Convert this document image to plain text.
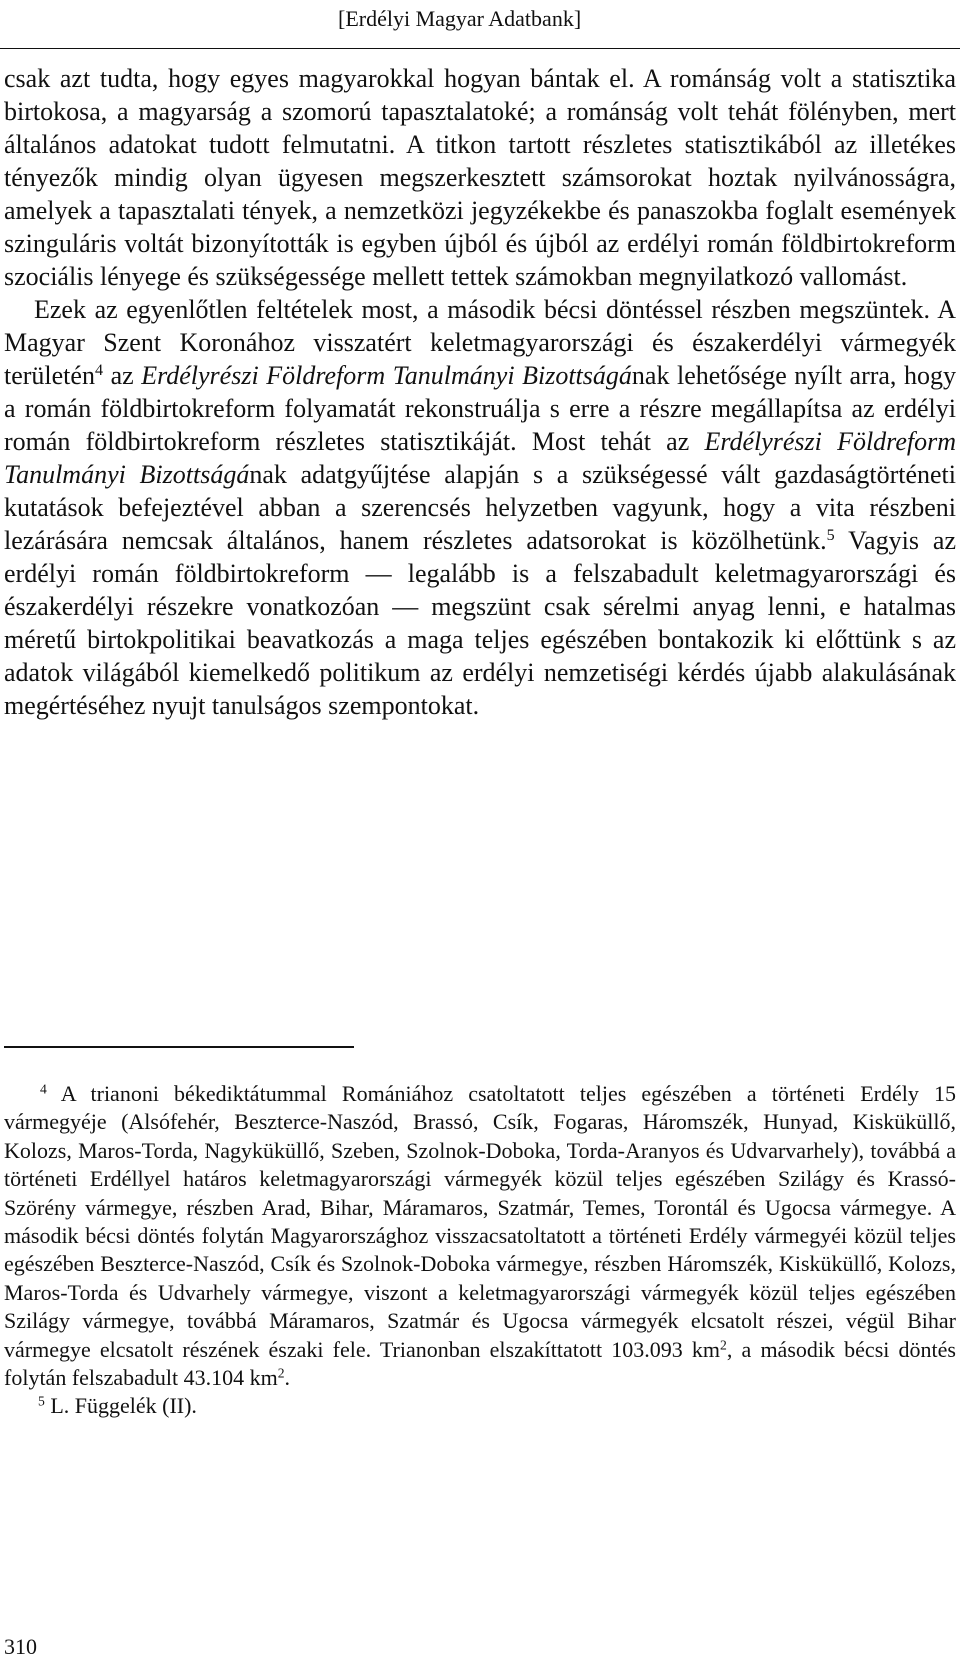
[Erdélyi Magyar Adatbank]

csak azt tudta, hogy egyes magyarokkal hogyan bántak el. A románság volt a statisztika birtokosa, a magyarság a szomorú tapasztalatoké; a románság volt tehát fölényben, mert általános adatokat tudott felmutatni. A titkon tartott részletes statisztikából az illetékes tényezők mindig olyan ügyesen megszerkesztett számsorokat hoztak nyilvánosságra, amelyek a tapasztalati tények, a nemzetközi jegyzékekbe és panaszokba foglalt események szinguláris voltát bizonyították is egyben újból és újból az erdélyi román földbirtokreform szociális lényege és szükségessége mellett tettek számokban megnyilatkozó vallomást.

Ezek az egyenlőtlen feltételek most, a második bécsi döntéssel részben megszüntek. A Magyar Szent Koronához visszatért keletmagyarországi és északerdélyi vármegyék területén$^4$ az Erdélyrészi Földreform Tanulmányi Bizottságának lehetősége nyílt arra, hogy a román földbirtokreform folyamatát rekonstruálja s erre a részre megállapítsa az erdélyi román földbirtokreform részletes statisztikáját. Most tehát az Erdélyrészi Földreform Tanulmányi Bizottságának adatgyűjtése alapján s a szükségessé vált gazdaságtörténeti kutatások befejeztével abban a szerencsés helyzetben vagyunk, hogy a vita részbeni lezárására nemcsak általános, hanem részletes adatsorokat is közölhetünk.$^5$ Vagyis az erdélyi román földbirtokreform — legalább is a felszabadult keletmagyarországi és északerdélyi részekre vonatkozóan — megszünt csak sérelmi anyag lenni, e hatalmas méretű birtokpolitikai beavatkozás a maga teljes egészében bontakozik ki előttünk s az adatok világából kiemelkedő politikum az erdélyi nemzetiségi kérdés újabb alakulásának megértéséhez nyujt tanulságos szempontokat.

$^4$ A trianoni békediktátummal Romániához csatoltatott teljes egészében a történeti Erdély 15 vármegyéje (Alsófehér, Beszterce-Naszód, Brassó, Csík, Fogaras, Háromszék, Hunyad, Kisküküllő, Kolozs, Maros-Torda, Nagyküküllő, Szeben, Szolnok-Doboka, Torda-Aranyos és Udvarvarhely), továbbá a történeti Erdéllyel határos keletmagyarországi vármegyék közül teljes egészében Szilágy és Krassó-Szörény vármegye, részben Arad, Bihar, Máramaros, Szatmár, Temes, Torontál és Ugocsa vármegye. A második bécsi döntés folytán Magyarországhoz visszacsatoltatott a történeti Erdély vármegyéi közül teljes egészében Beszterce-Naszód, Csík és Szolnok-Doboka vármegye, részben Háromszék, Kisküküllő, Kolozs, Maros-Torda és Udvarhely vármegye, viszont a keletmagyarországi vármegyék közül teljes egészében Szilágy vármegye, továbbá Máramaros, Szatmár és Ugocsa vármegyék elcsatolt részei, végül Bihar vármegye elcsatolt részének északi fele. Trianonban elszakíttatott 103.093 $km^2$, a második bécsi döntés folytán felszabadult 43.104 $km^2$.

$^5$ L. Függelék (II).

310
